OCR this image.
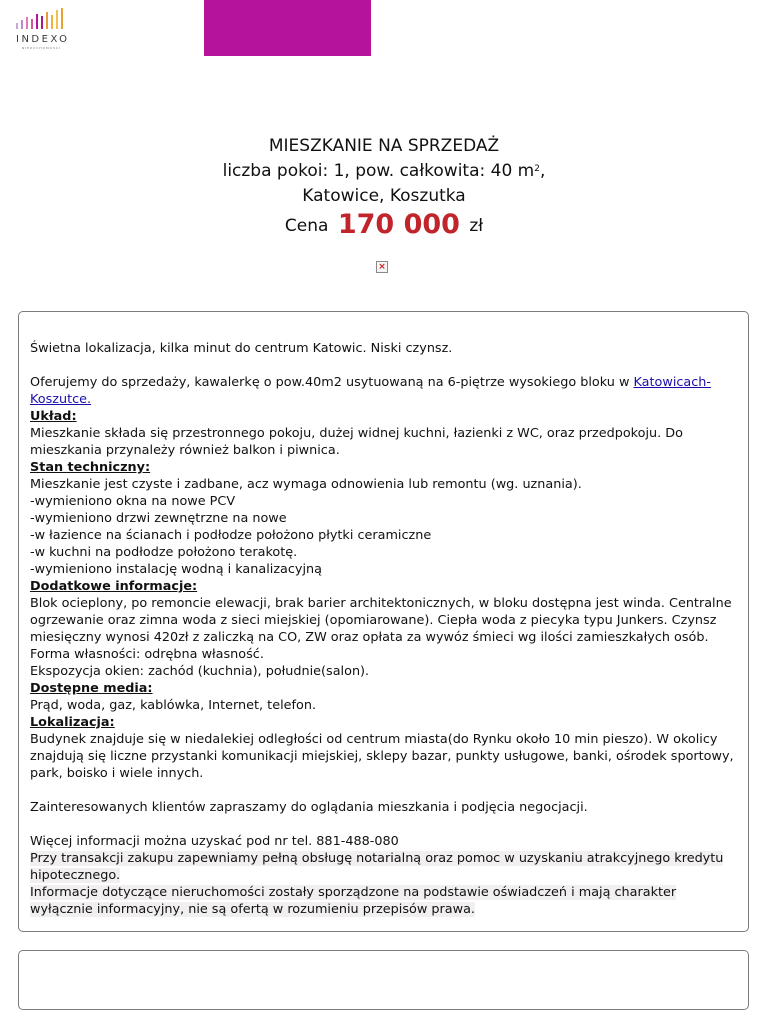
INDEXO
NIERUCHOMOŚCI
MIESZKANIE NA SPRZEDAŻ
liczba pokoi: 1, pow. całkowita: 40 $m^2$,
Katowice, Koszutka
Cena 170 000 zł
×

Świetna lokalizacja, kilka minut do centrum Katowic. Niski czynsz.

Oferujemy do sprzedaży, kawalerkę o pow.40m2 usytuowaną na 6-piętrze wysokiego bloku w Katowicach-Koszutce.

Układ:

Mieszkanie składa się przestronnego pokoju, dużej widnej kuchni, łazienki z WC, oraz przedpokoju. Do mieszkania przynależy również balkon i piwnica.

Stan techniczny:

Mieszkanie jest czyste i zadbane, acz wymaga odnowienia lub remontu (wg. uznania).

-wymieniono okna na nowe PCV

-wymieniono drzwi zewnętrzne na nowe

-w łazience na ścianach i podłodze położono płytki ceramiczne

-w kuchni na podłodze położono terakotę.

-wymieniono instalację wodną i kanalizacyjną

Dodatkowe informacje:

Blok ocieplony, po remoncie elewacji, brak barier architektonicznych, w bloku dostępna jest winda. Centralne ogrzewanie oraz zimna woda z sieci miejskiej (opomiarowane). Ciepła woda z piecyka typu Junkers. Czynsz miesięczny wynosi 420zł z zaliczką na CO, ZW oraz opłata za wywóz śmieci wg ilości zamieszkałych osób.

Forma własności: odrębna własność.

Ekspozycja okien: zachód (kuchnia), południe(salon).

Dostępne media:

Prąd, woda, gaz, kablówka, Internet, telefon.

Lokalizacja:

Budynek znajduje się w niedalekiej odległości od centrum miasta(do Rynku około 10 min pieszo). W okolicy znajdują się liczne przystanki komunikacji miejskiej, sklepy bazar, punkty usługowe, banki, ośrodek sportowy, park, boisko i wiele innych.

Zainteresowanych klientów zapraszamy do oglądania mieszkania i podjęcia negocjacji.

Więcej informacji można uzyskać pod nr tel. 881-488-080

Przy transakcji zakupu zapewniamy pełną obsługę notarialną oraz pomoc w uzyskaniu atrakcyjnego kredytu hipotecznego.

Informacje dotyczące nieruchomości zostały sporządzone na podstawie oświadczeń i mają charakter wyłącznie informacyjny, nie są ofertą w rozumieniu przepisów prawa.
